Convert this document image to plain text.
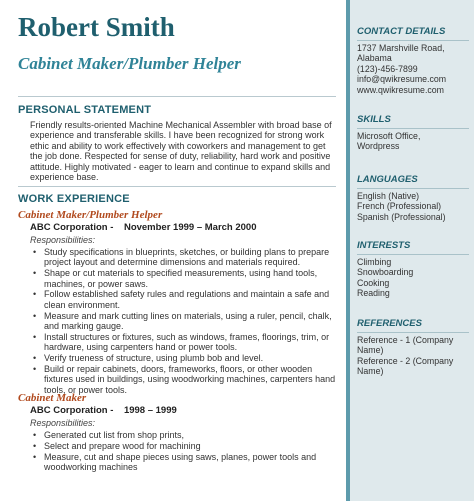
Robert Smith
Cabinet Maker/Plumber Helper
PERSONAL STATEMENT
Friendly results-oriented Machine Mechanical Assembler with broad base of experience and transferable skills. I have been recognized for strong work ethic and ability to work effectively with coworkers and management to get the job done. Respected for sense of duty, reliability, hard work and positive attitude. Highly motivated - eager to learn and continue to expand skills and experience base.
WORK EXPERIENCE
Cabinet Maker/Plumber Helper
ABC Corporation - November 1999 – March 2000
Responsibilities:
• Study specifications in blueprints, sketches, or building plans to prepare project layout and determine dimensions and materials required.
• Shape or cut materials to specified measurements, using hand tools, machines, or power saws.
• Follow established safety rules and regulations and maintain a safe and clean environment.
• Measure and mark cutting lines on materials, using a ruler, pencil, chalk, and marking gauge.
• Install structures or fixtures, such as windows, frames, floorings, trim, or hardware, using carpenters hand or power tools.
• Verify trueness of structure, using plumb bob and level.
• Build or repair cabinets, doors, frameworks, floors, or other wooden fixtures used in buildings, using woodworking machines, carpenters hand tools, or power tools.
Cabinet Maker
ABC Corporation - 1998 – 1999
Responsibilities:
• Generated cut list from shop prints,
• Select and prepare wood for machining
• Measure, cut and shape pieces using saws, planes, power tools and woodworking machines
CONTACT DETAILS
1737 Marshville Road,
Alabama
(123)-456-7899
info@qwikresume.com
www.qwikresume.com
SKILLS
Microsoft Office,
Wordpress
LANGUAGES
English (Native)
French (Professional)
Spanish (Professional)
INTERESTS
Climbing
Snowboarding
Cooking
Reading
REFERENCES
Reference - 1 (Company Name)
Reference - 2 (Company Name)
